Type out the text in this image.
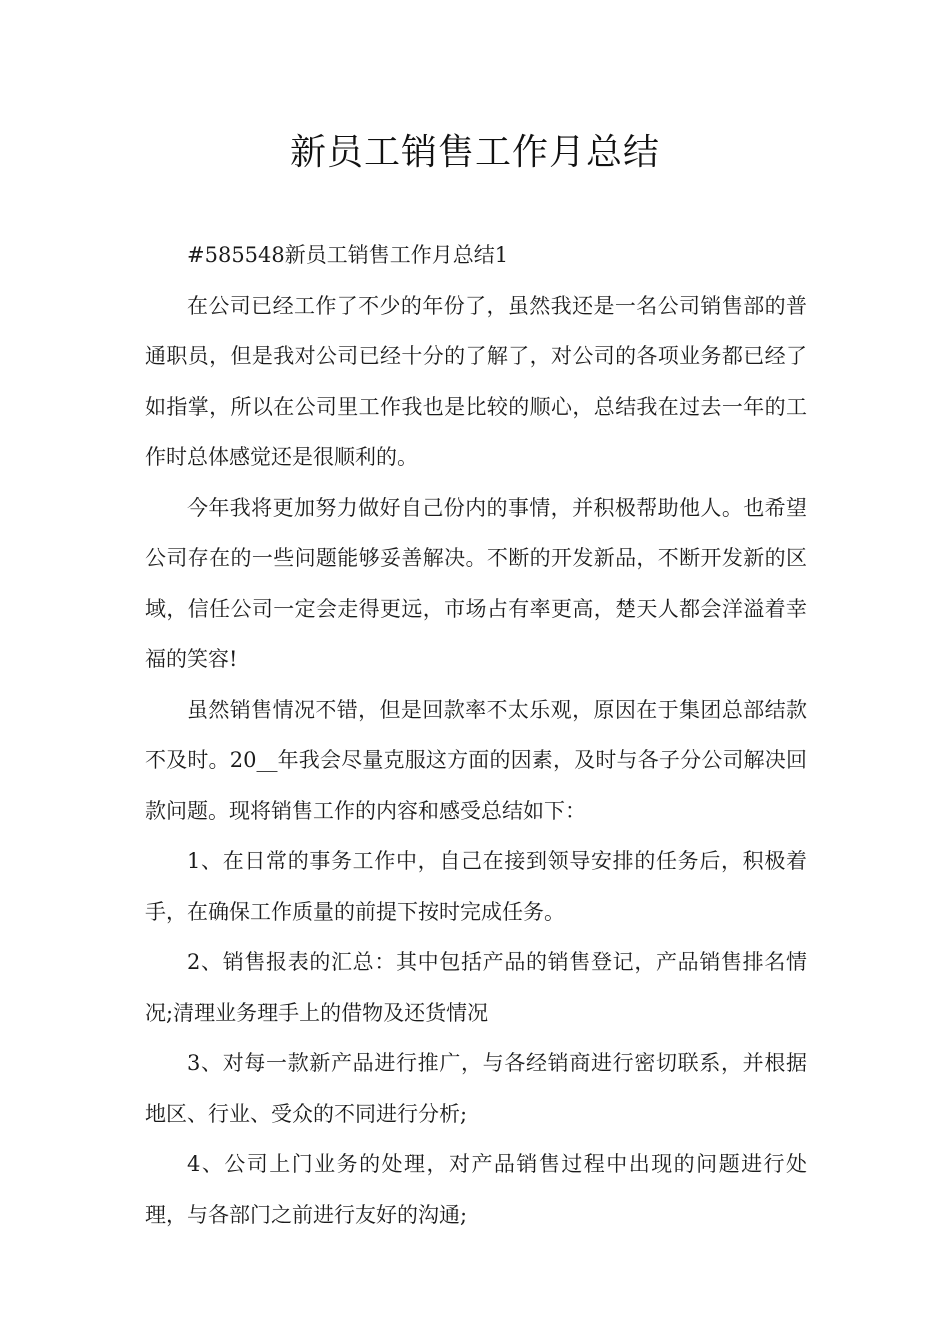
新员工销售工作月总结

#585548新员工销售工作月总结1

在公司已经工作了不少的年份了，虽然我还是一名公司销售部的普通职员，但是我对公司已经十分的了解了，对公司的各项业务都已经了如指掌，所以在公司里工作我也是比较的顺心，总结我在过去一年的工作时总体感觉还是很顺利的。

今年我将更加努力做好自己份内的事情，并积极帮助他人。也希望公司存在的一些问题能够妥善解决。不断的开发新品，不断开发新的区域，信任公司一定会走得更远，市场占有率更高，楚天人都会洋溢着幸福的笑容!

虽然销售情况不错，但是回款率不太乐观，原因在于集团总部结款不及时。20__年我会尽量克服这方面的因素，及时与各子分公司解决回款问题。现将销售工作的内容和感受总结如下：

1、在日常的事务工作中，自己在接到领导安排的任务后，积极着手，在确保工作质量的前提下按时完成任务。

2、销售报表的汇总：其中包括产品的销售登记，产品销售排名情况;清理业务理手上的借物及还货情况

3、对每一款新产品进行推广，与各经销商进行密切联系，并根据地区、行业、受众的不同进行分析;

4、公司上门业务的处理，对产品销售过程中出现的问题进行处理，与各部门之前进行友好的沟通;
